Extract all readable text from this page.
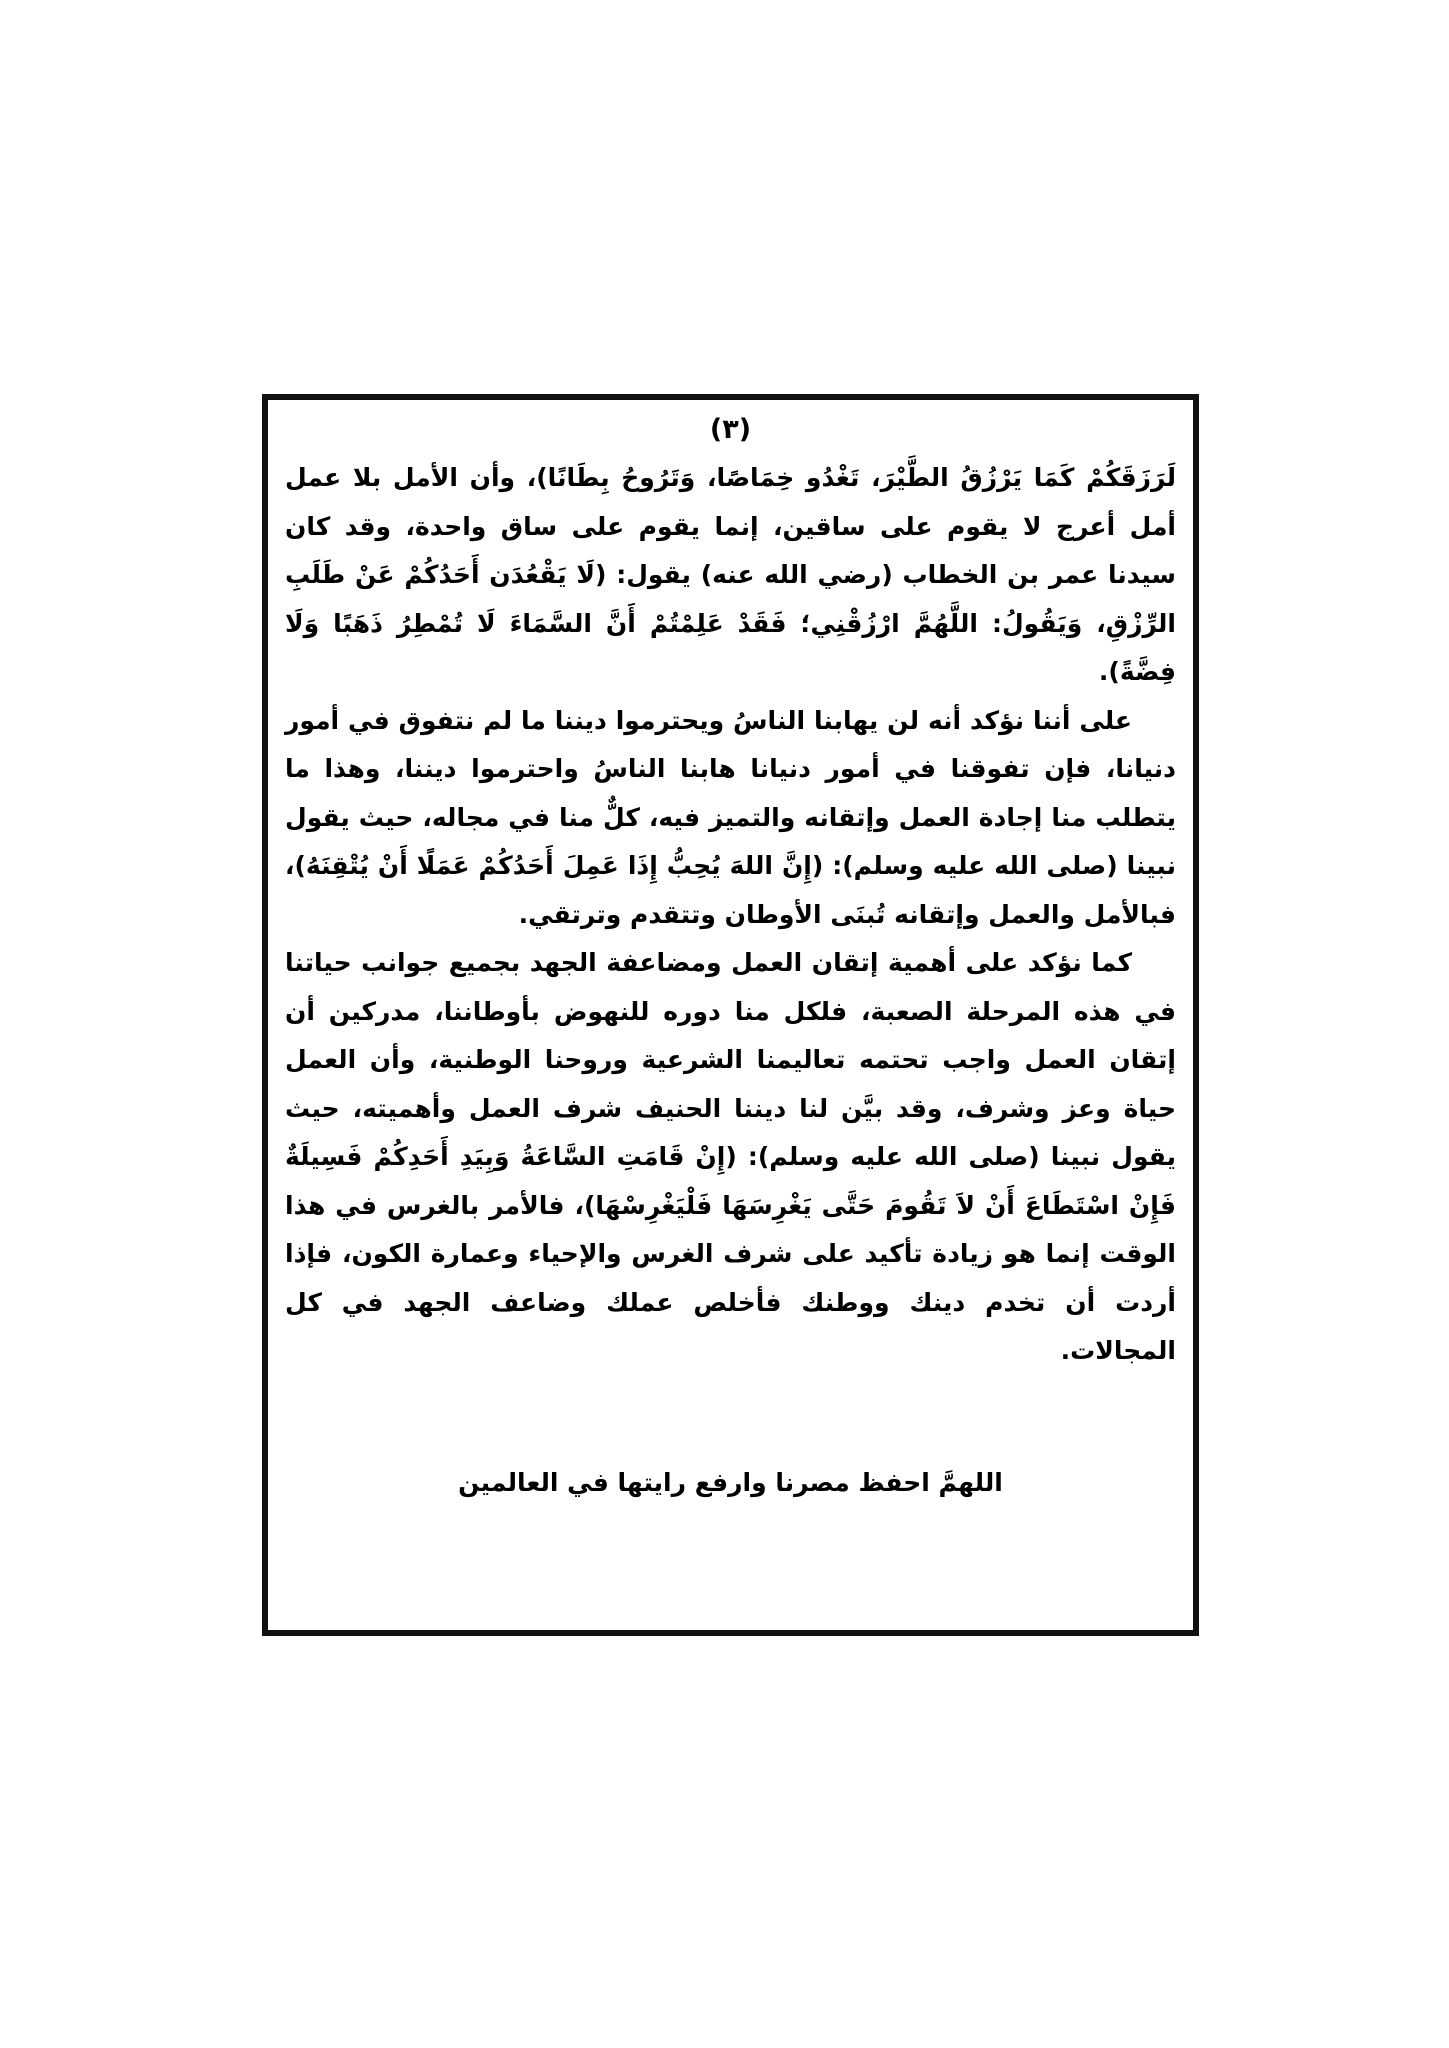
(٣)

لَرَزَقَكُمْ كَمَا يَرْزُقُ الطَّيْرَ، تَغْدُو خِمَاصًا، وَتَرُوحُ بِطَانًا)، وأن الأمل بلا عمل أمل أعرج لا يقوم على ساقين، إنما يقوم على ساق واحدة، وقد كان سيدنا عمر بن الخطاب (رضي الله عنه) يقول: (لَا يَقْعُدَن أَحَدُكُمْ عَنْ طَلَبِ الرِّزْقِ، وَيَقُولُ: اللَّهُمَّ ارْزُقْنِي؛ فَقَدْ عَلِمْتُمْ أَنَّ السَّمَاءَ لَا تُمْطِرُ ذَهَبًا وَلَا فِضَّةً).

على أننا نؤكد أنه لن يهابنا الناسُ ويحترموا ديننا ما لم نتفوق في أمور دنيانا، فإن تفوقنا في أمور دنيانا هابنا الناسُ واحترموا ديننا، وهذا ما يتطلب منا إجادة العمل وإتقانه والتميز فيه، كلٌّ منا في مجاله، حيث يقول نبينا (صلى الله عليه وسلم): (إِنَّ اللهَ يُحِبُّ إِذَا عَمِلَ أَحَدُكُمْ عَمَلًا أَنْ يُتْقِنَهُ)، فبالأمل والعمل وإتقانه تُبنَى الأوطان وتتقدم وترتقي.

كما نؤكد على أهمية إتقان العمل ومضاعفة الجهد بجميع جوانب حياتنا في هذه المرحلة الصعبة، فلكل منا دوره للنهوض بأوطاننا، مدركين أن إتقان العمل واجب تحتمه تعاليمنا الشرعية وروحنا الوطنية، وأن العمل حياة وعز وشرف، وقد بيَّن لنا ديننا الحنيف شرف العمل وأهميته، حيث يقول نبينا (صلى الله عليه وسلم): (إِنْ قَامَتِ السَّاعَةُ وَبِيَدِ أَحَدِكُمْ فَسِيلَةٌ فَإِنْ اسْتَطَاعَ أَنْ لاَ تَقُومَ حَتَّى يَغْرِسَهَا فَلْيَغْرِسْهَا)، فالأمر بالغرس في هذا الوقت إنما هو زيادة تأكيد على شرف الغرس والإحياء وعمارة الكون، فإذا أردت أن تخدم دينك ووطنك فأخلص عملك وضاعف الجهد في كل المجالات.

اللهمَّ احفظ مصرنا وارفع رايتها في العالمين
